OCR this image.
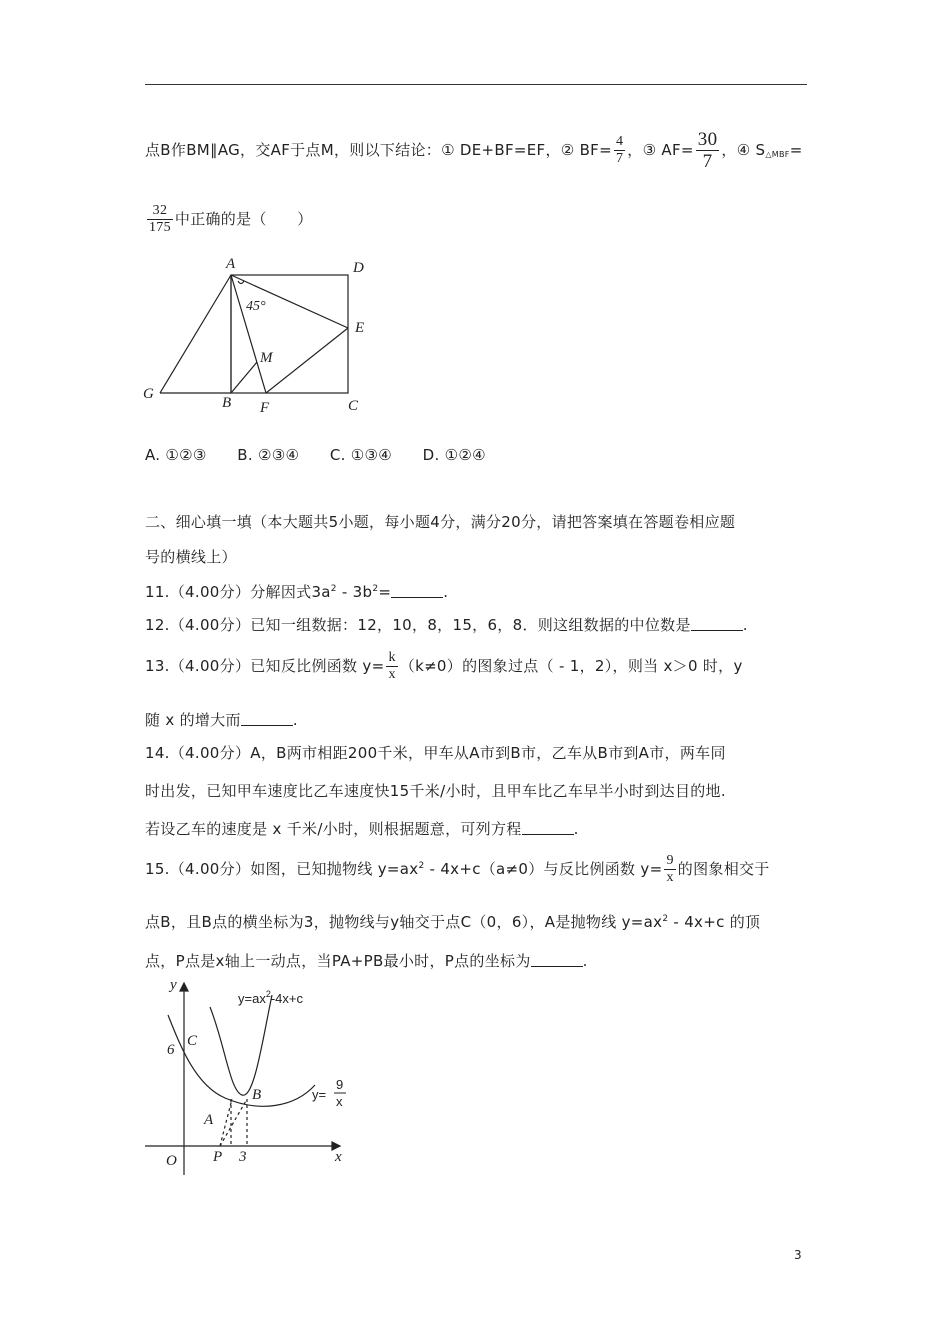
点B作BM∥AG，交AF于点M，则以下结论：① DE+BF=EF，② $BF= \frac{4}{7}$ ，③ $AF= \frac{30}{7}$ ，④ $S_{\triangle MBF}=$
$\frac{32}{175}$ 中正确的是（　　）
A	D
E
M
G
B F	C
45°
A. ①②③　　B. ②③④　　C. ①③④　　D. ①②④
二、细心填一填（本大题共5小题，每小题4分，满分20分，请把答案填在答题卷相应题
号的横线上）
11.（4.00分）分解因式$3a^2 - 3b^2=$	.
12.（4.00分）已知一组数据：12，10，8，15，6，8．则这组数据的中位数是	.
13.（4.00分）已知反比例函数 $y= \frac{k}{x} (k\ne 0)$的图象过点（ - 1，2），则当 x＞0 时，y
随 x 的增大而	.
14.（4.00分）A，B两市相距200千米，甲车从A市到B市，乙车从B市到A市，两车同
时出发，已知甲车速度比乙车速度快15千米/小时，且甲车比乙车早半小时到达目的地.
若设乙车的速度是 x 千米/小时，则根据题意，可列方程	.
15.（4.00分）如图，已知抛物线 $y=ax^2 - 4x+c(a\ne 0)$与反比例函数 $y= \frac{9}{x}$ 的图象相交于
点B，且B点的横坐标为3，抛物线与y轴交于点C（0，6），A是抛物线 $y=ax^2 - 4x+c$ 的顶
点，P点是x轴上一动点，当PA+PB最小时，P点的坐标为	.
y
x
O
C
6
A
B
P 3
$y=ax^2-4x+c$
y=
9
x
3
